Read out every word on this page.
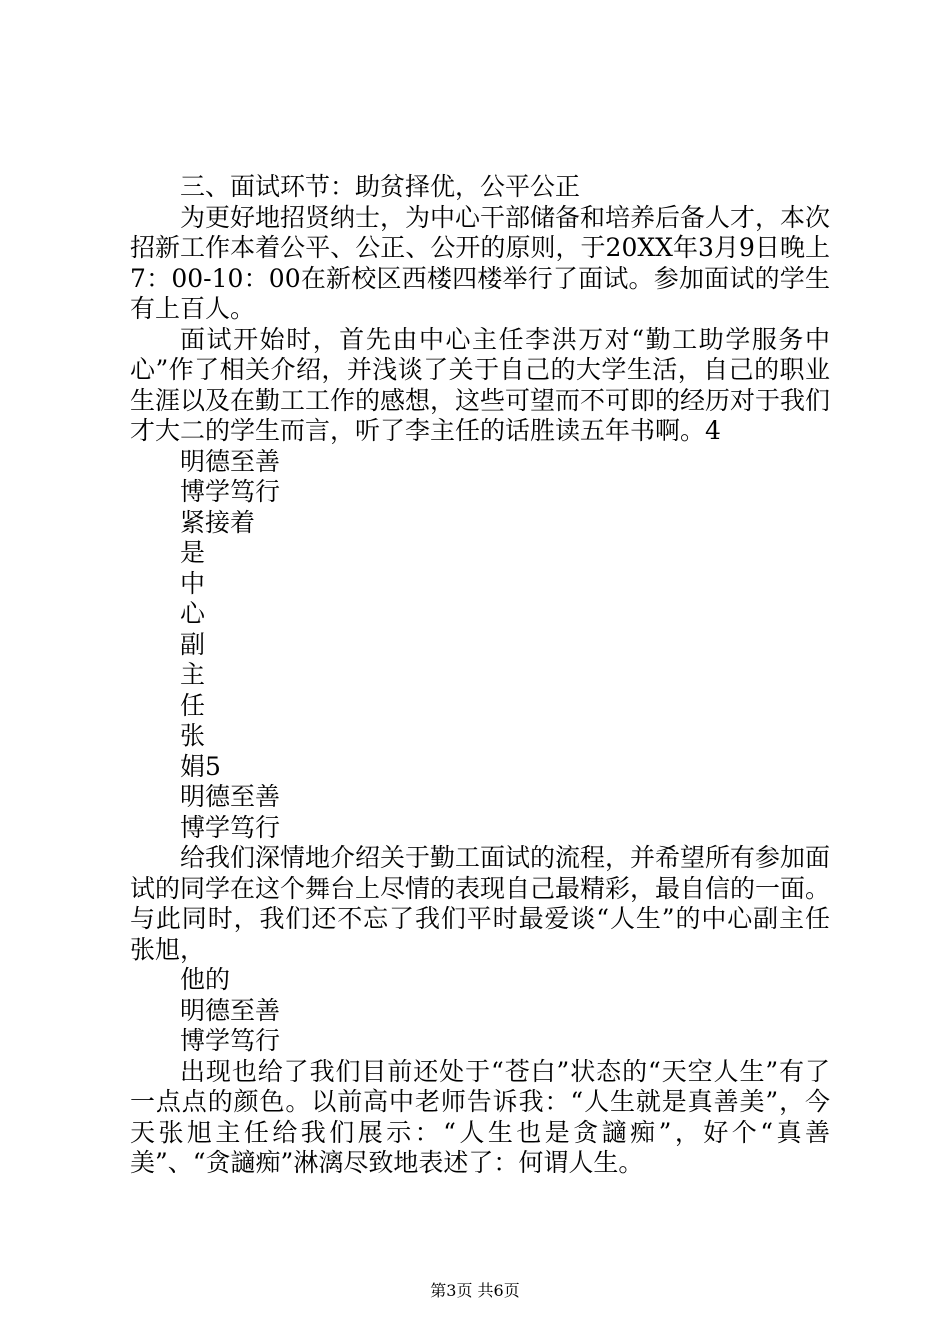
三、面试环节：助贫择优，公平公正

为更好地招贤纳士，为中心干部储备和培养后备人才，本次招新工作本着公平、公正、公开的原则，于20XX年3月9日晚上7：00-10：00在新校区西楼四楼举行了面试。参加面试的学生有上百人。

面试开始时，首先由中心主任李洪万对“勤工助学服务中心”作了相关介绍，并浅谈了关于自己的大学生活，自己的职业生涯以及在勤工工作的感想，这些可望而不可即的经历对于我们才大二的学生而言，听了李主任的话胜读五年书啊。4

明德至善

博学笃行

紧接着

是

中

心

副

主

任

张

娟5

明德至善

博学笃行

给我们深情地介绍关于勤工面试的流程，并希望所有参加面试的同学在这个舞台上尽情的表现自己最精彩，最自信的一面。与此同时，我们还不忘了我们平时最爱谈“人生”的中心副主任张旭，

他的

明德至善

博学笃行

出现也给了我们目前还处于“苍白”状态的“天空人生”有了一点点的颜色。以前高中老师告诉我：“人生就是真善美”，今天张旭主任给我们展示：“人生也是贪讁痴”，好个“真善美”、“贪讁痴”淋漓尽致地表述了：何谓人生。

第3页 共6页
